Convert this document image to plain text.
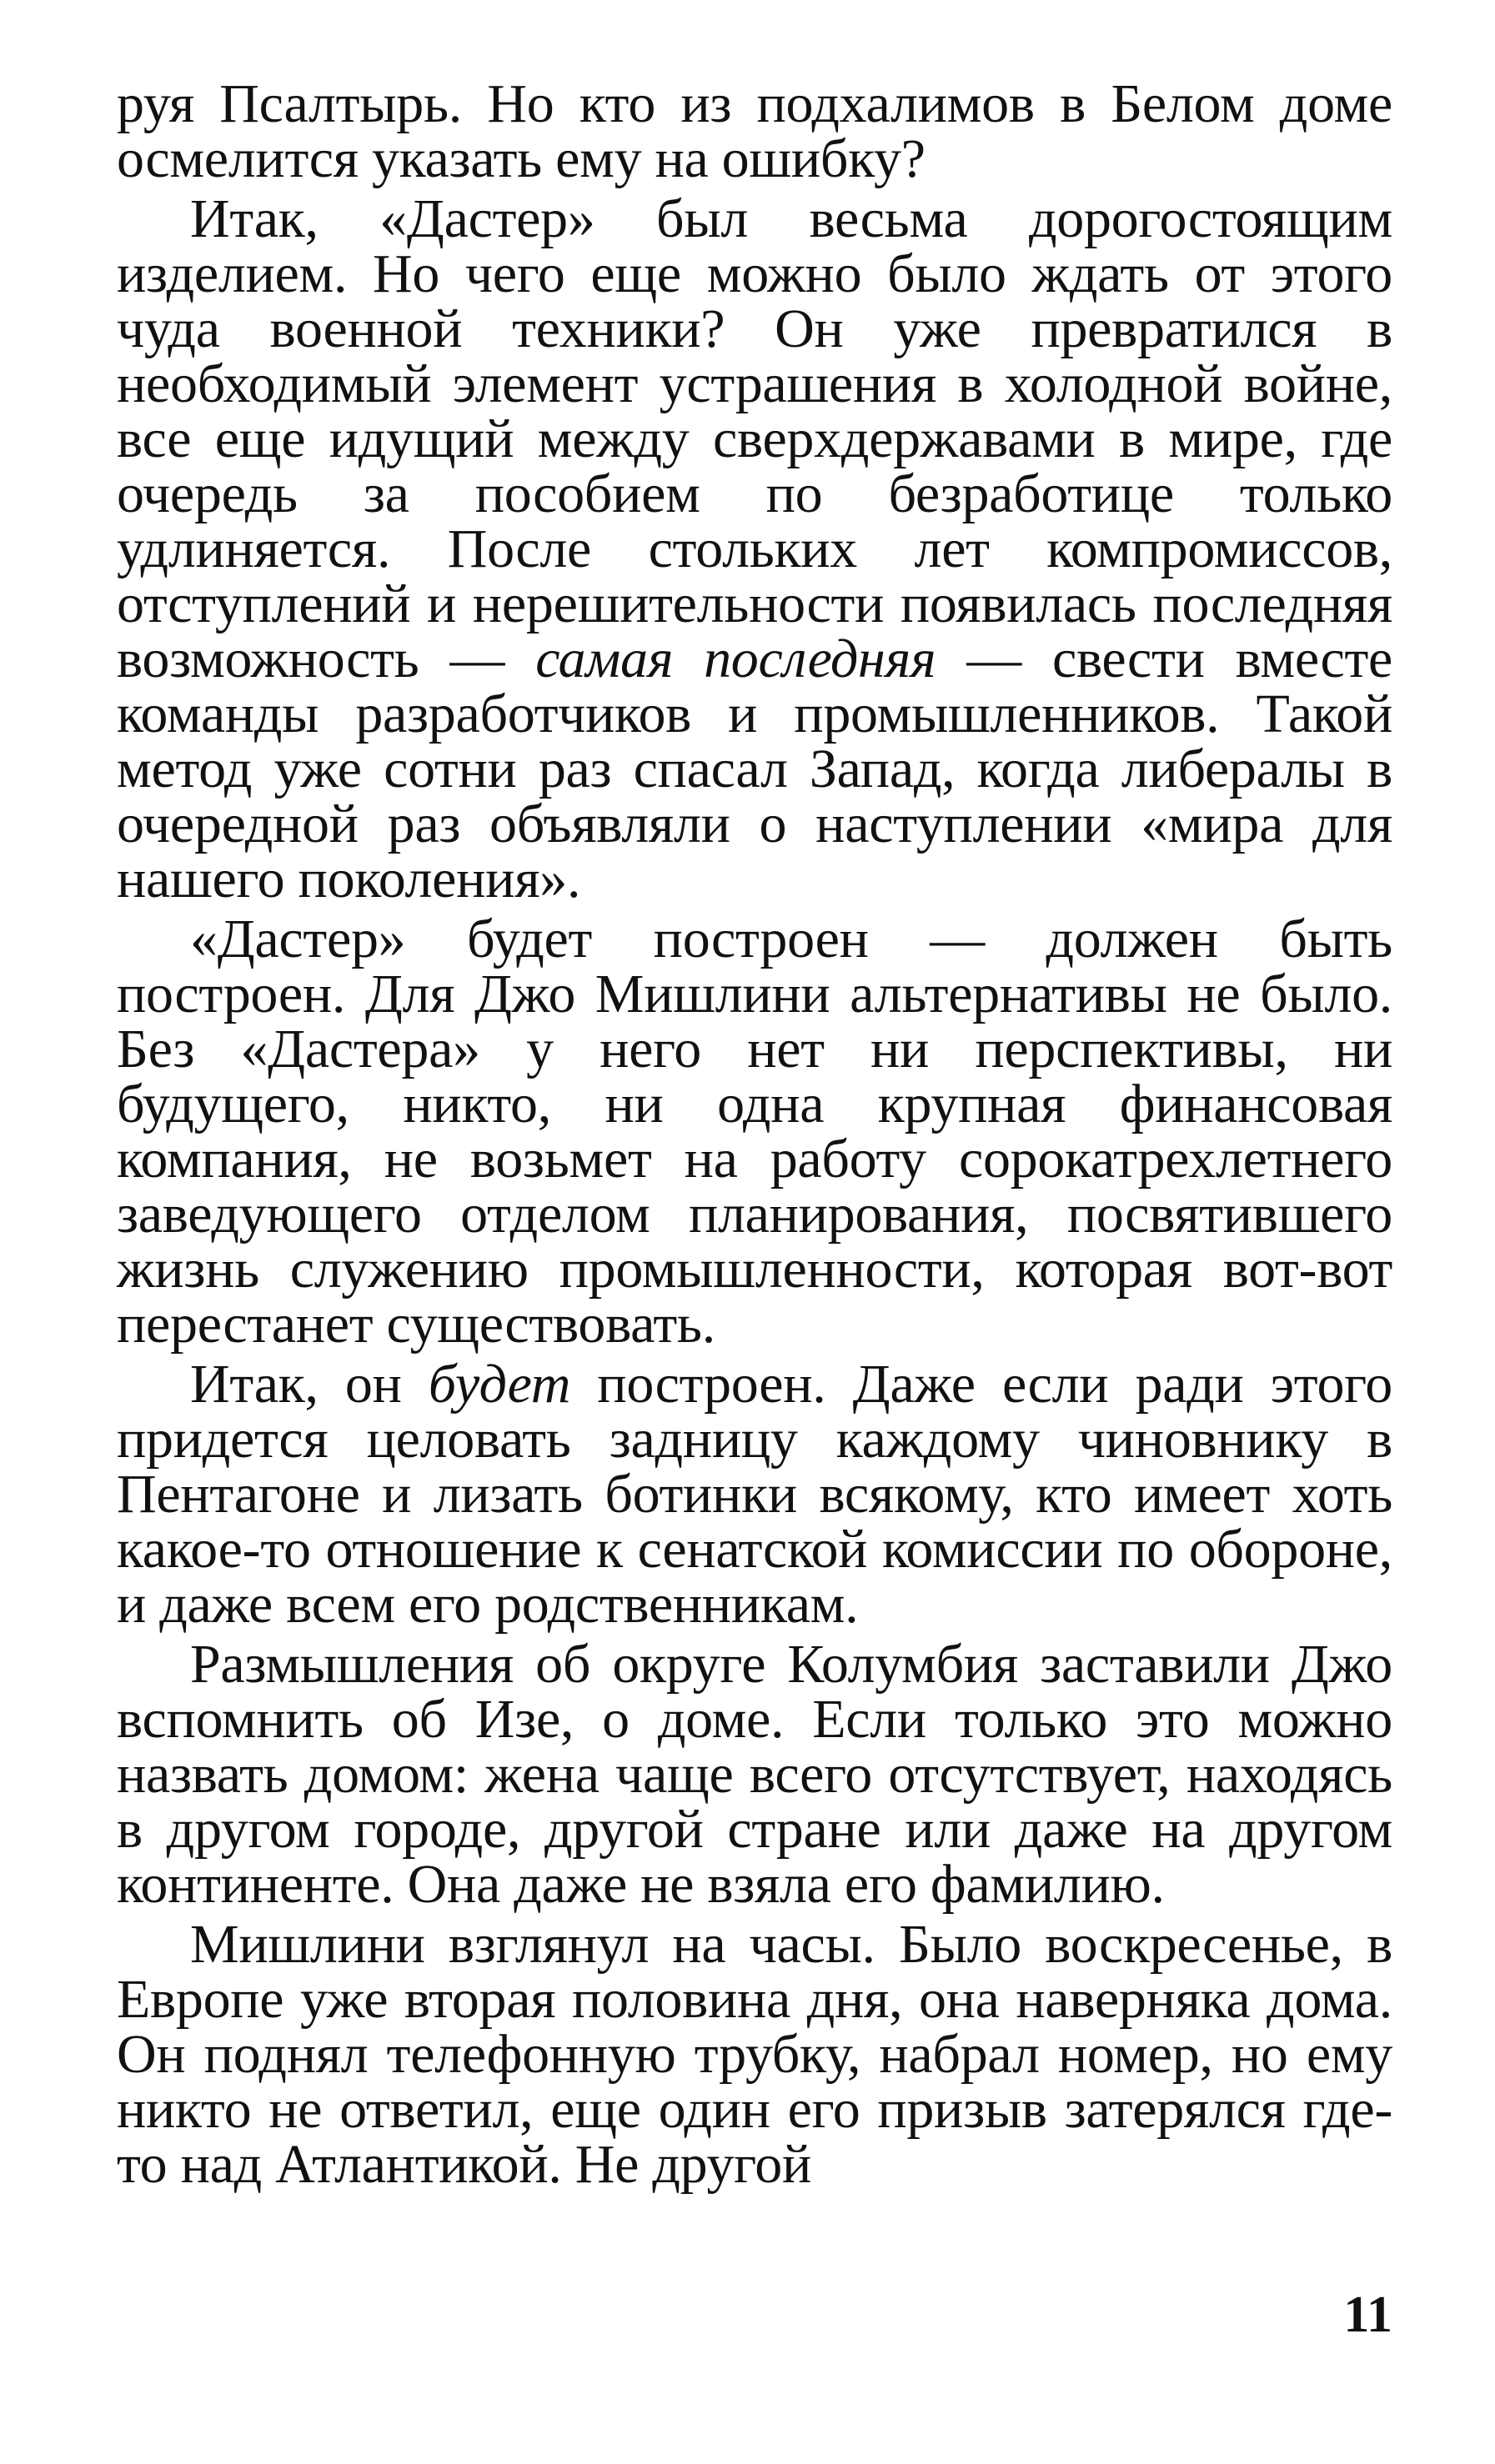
руя Псалтырь. Но кто из подхалимов в Белом доме осмелится указать ему на ошибку?

Итак, «Дастер» был весьма дорогостоящим изделием. Но чего еще можно было ждать от этого чуда военной техники? Он уже превратился в необходимый элемент устрашения в холодной войне, все еще идущий между сверхдержавами в мире, где очередь за пособием по безработице только удлиняется. После стольких лет компромиссов, отступлений и нерешительности появилась последняя возможность — самая последняя — свести вместе команды разработчиков и промышленников. Такой метод уже сотни раз спасал Запад, когда либералы в очередной раз объявляли о наступлении «мира для нашего поколения».

«Дастер» будет построен — должен быть построен. Для Джо Мишлини альтернативы не было. Без «Дастера» у него нет ни перспективы, ни будущего, никто, ни одна крупная финансовая компания, не возьмет на работу сорокатрехлетнего заведующего отделом планирования, посвятившего жизнь служению промышленности, которая вот-вот перестанет существовать.

Итак, он будет построен. Даже если ради этого придется целовать задницу каждому чиновнику в Пентагоне и лизать ботинки всякому, кто имеет хоть какое-то отношение к сенатской комиссии по обороне, и даже всем его родственникам.

Размышления об округе Колумбия заставили Джо вспомнить об Изе, о доме. Если только это можно назвать домом: жена чаще всего отсутствует, находясь в другом городе, другой стране или даже на другом континенте. Она даже не взяла его фамилию.

Мишлини взглянул на часы. Было воскресенье, в Европе уже вторая половина дня, она наверняка дома. Он поднял телефонную трубку, набрал номер, но ему никто не ответил, еще один его призыв затерялся где-то над Атлантикой. Не другой

11
